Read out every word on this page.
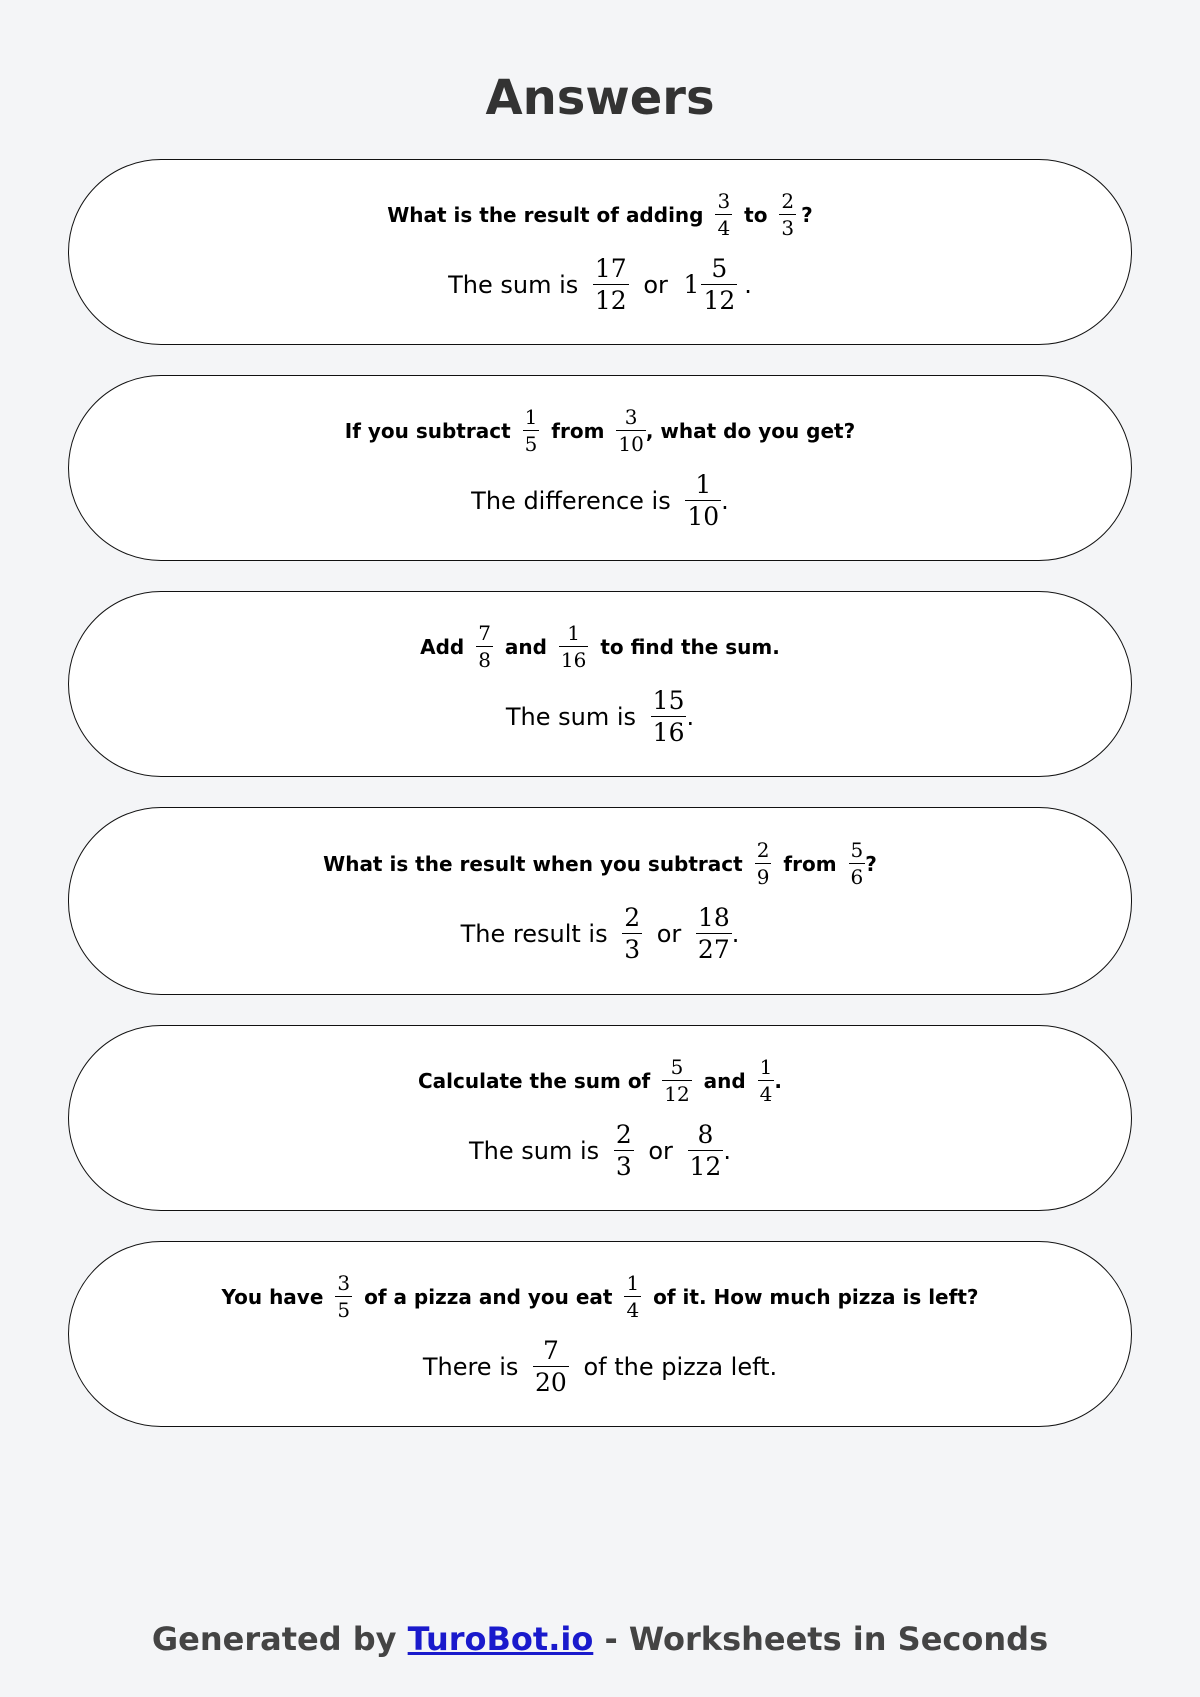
Answers
What is the result of adding $\frac{3}{4}$ to $\frac{2}{3}$ ?
The sum is $\frac{17}{12}$ or $1 \frac{5}{12}$ .
If you subtract $\frac{1}{5}$ from $\frac{3}{10}$ , what do you get?
The difference is $\frac{1}{10}$ .
Add $\frac{7}{8}$ and $\frac{1}{16}$ to find the sum.
The sum is $\frac{15}{16}$ .
What is the result when you subtract $\frac{2}{9}$ from $\frac{5}{6}$ ?
The result is $\frac{2}{3}$ or $\frac{18}{27}$ .
Calculate the sum of $\frac{5}{12}$ and $\frac{1}{4}$ .
The sum is $\frac{2}{3}$ or $\frac{8}{12}$ .
You have $\frac{3}{5}$ of a pizza and you eat $\frac{1}{4}$ of it. How much pizza is left?
There is $\frac{7}{20}$ of the pizza left.
Generated by TuroBot.io - Worksheets in Seconds
